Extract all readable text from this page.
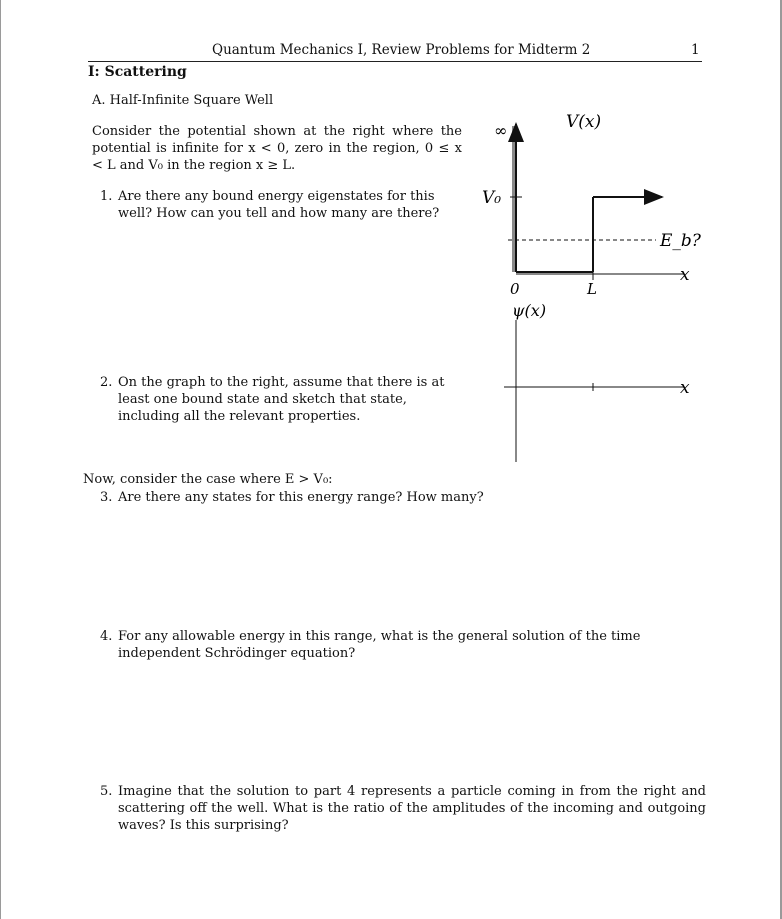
Quantum Mechanics I, Review Problems for Midterm 2	1
I: Scattering
A. Half-Infinite Square Well
Consider the potential shown at the right where the potential is infinite for x < 0, zero in the region, 0 ≤ x < L and V₀ in the region x ≥ L.
1. Are there any bound energy eigenstates for this well? How can you tell and how many are there?
2. On the graph to the right, assume that there is at least one bound state and sketch that state, including all the relevant properties.
Now, consider the case where E > V₀:
3. Are there any states for this energy range? How many?
4. For any allowable energy in this range, what is the general solution of the time independent Schrödinger equation?
5. Imagine that the solution to part 4 represents a particle coming in from the right and scattering off the well. What is the ratio of the amplitudes of the incoming and outgoing waves? Is this surprising?
∞	V(x)
V₀
E_b?
x
0	L
ψ(x)
x
